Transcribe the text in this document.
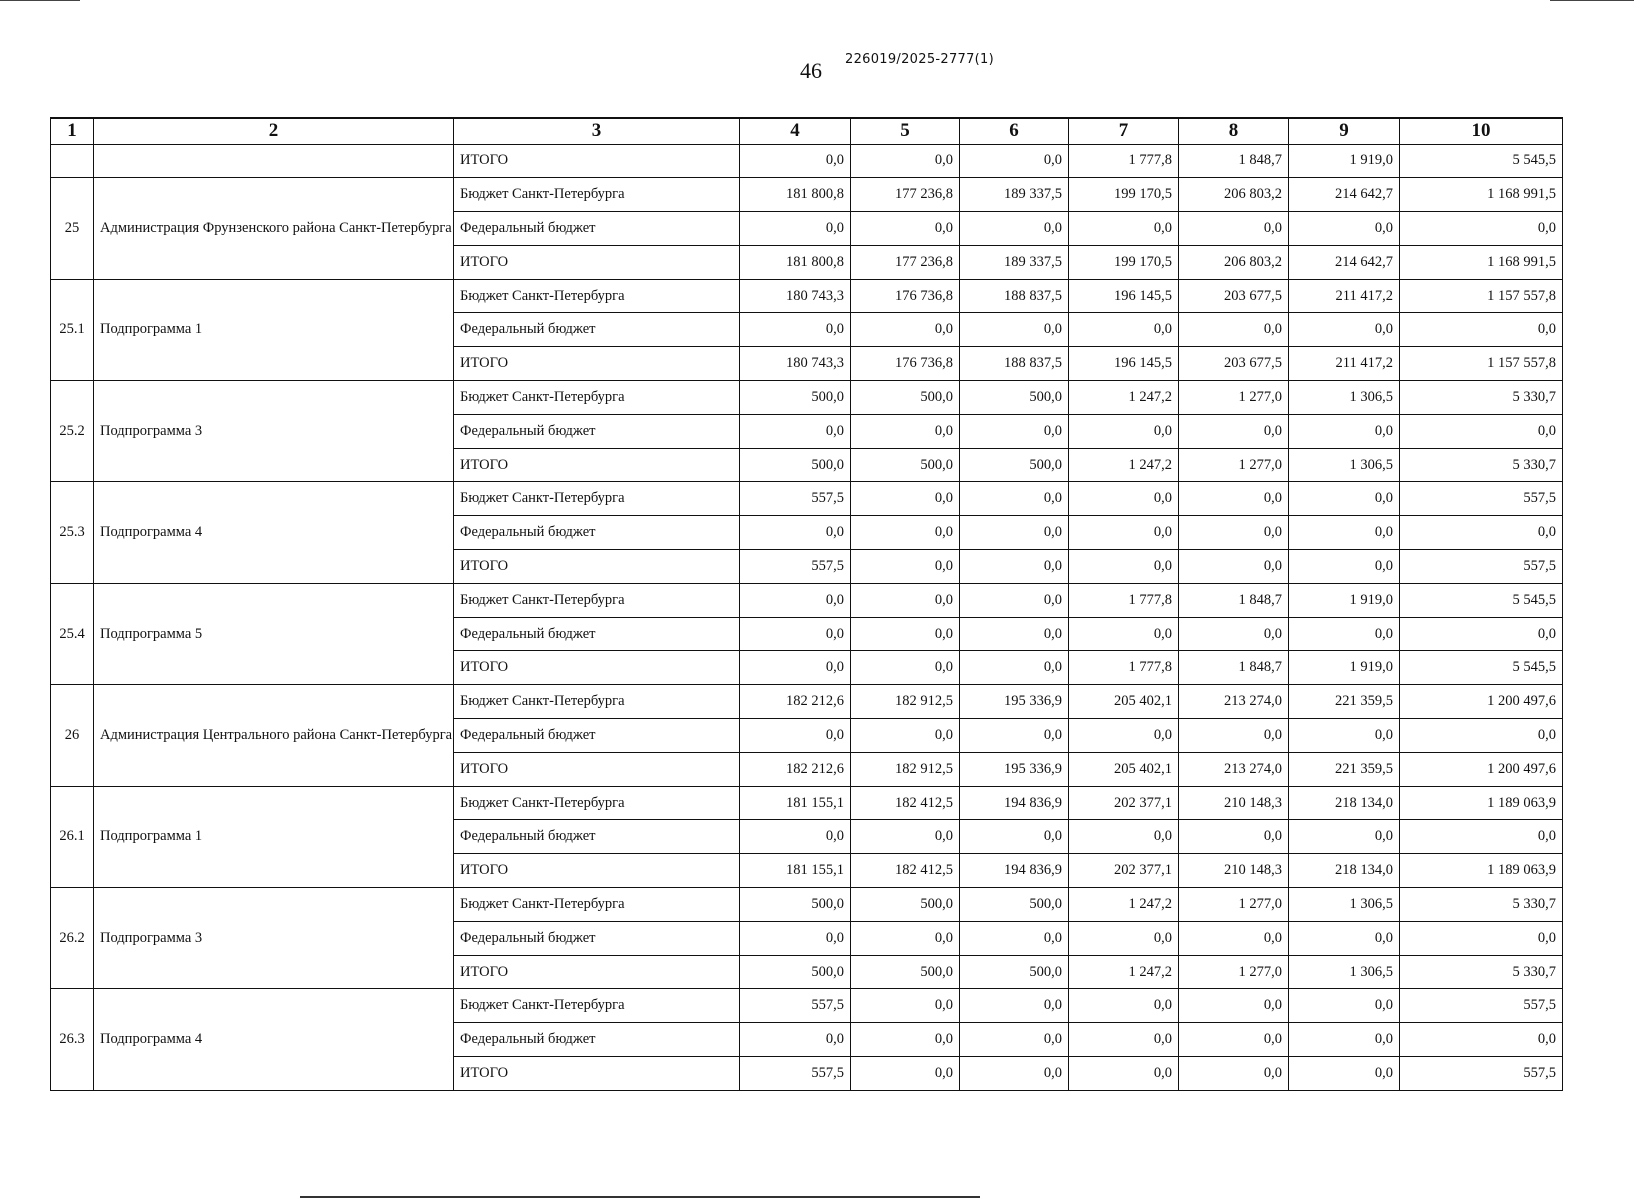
46 226019/2025-2777(1)
1	2	3	4	5	6	7	8	9	10
		ИТОГО	0,0	0,0	0,0	1 777,8	1 848,7	1 919,0	5 545,5
25	Администрация Фрунзенского района Санкт-Петербурга	Бюджет Санкт-Петербурга	181 800,8	177 236,8	189 337,5	199 170,5	206 803,2	214 642,7	1 168 991,5
		Федеральный бюджет	0,0	0,0	0,0	0,0	0,0	0,0	0,0
		ИТОГО	181 800,8	177 236,8	189 337,5	199 170,5	206 803,2	214 642,7	1 168 991,5
25.1	Подпрограмма 1	Бюджет Санкт-Петербурга	180 743,3	176 736,8	188 837,5	196 145,5	203 677,5	211 417,2	1 157 557,8
		Федеральный бюджет	0,0	0,0	0,0	0,0	0,0	0,0	0,0
		ИТОГО	180 743,3	176 736,8	188 837,5	196 145,5	203 677,5	211 417,2	1 157 557,8
25.2	Подпрограмма 3	Бюджет Санкт-Петербурга	500,0	500,0	500,0	1 247,2	1 277,0	1 306,5	5 330,7
		Федеральный бюджет	0,0	0,0	0,0	0,0	0,0	0,0	0,0
		ИТОГО	500,0	500,0	500,0	1 247,2	1 277,0	1 306,5	5 330,7
25.3	Подпрограмма 4	Бюджет Санкт-Петербурга	557,5	0,0	0,0	0,0	0,0	0,0	557,5
		Федеральный бюджет	0,0	0,0	0,0	0,0	0,0	0,0	0,0
		ИТОГО	557,5	0,0	0,0	0,0	0,0	0,0	557,5
25.4	Подпрограмма 5	Бюджет Санкт-Петербурга	0,0	0,0	0,0	1 777,8	1 848,7	1 919,0	5 545,5
		Федеральный бюджет	0,0	0,0	0,0	0,0	0,0	0,0	0,0
		ИТОГО	0,0	0,0	0,0	1 777,8	1 848,7	1 919,0	5 545,5
26	Администрация Центрального района Санкт-Петербурга	Бюджет Санкт-Петербурга	182 212,6	182 912,5	195 336,9	205 402,1	213 274,0	221 359,5	1 200 497,6
		Федеральный бюджет	0,0	0,0	0,0	0,0	0,0	0,0	0,0
		ИТОГО	182 212,6	182 912,5	195 336,9	205 402,1	213 274,0	221 359,5	1 200 497,6
26.1	Подпрограмма 1	Бюджет Санкт-Петербурга	181 155,1	182 412,5	194 836,9	202 377,1	210 148,3	218 134,0	1 189 063,9
		Федеральный бюджет	0,0	0,0	0,0	0,0	0,0	0,0	0,0
		ИТОГО	181 155,1	182 412,5	194 836,9	202 377,1	210 148,3	218 134,0	1 189 063,9
26.2	Подпрограмма 3	Бюджет Санкт-Петербурга	500,0	500,0	500,0	1 247,2	1 277,0	1 306,5	5 330,7
		Федеральный бюджет	0,0	0,0	0,0	0,0	0,0	0,0	0,0
		ИТОГО	500,0	500,0	500,0	1 247,2	1 277,0	1 306,5	5 330,7
26.3	Подпрограмма 4	Бюджет Санкт-Петербурга	557,5	0,0	0,0	0,0	0,0	0,0	557,5
		Федеральный бюджет	0,0	0,0	0,0	0,0	0,0	0,0	0,0
		ИТОГО	557,5	0,0	0,0	0,0	0,0	0,0	557,5
